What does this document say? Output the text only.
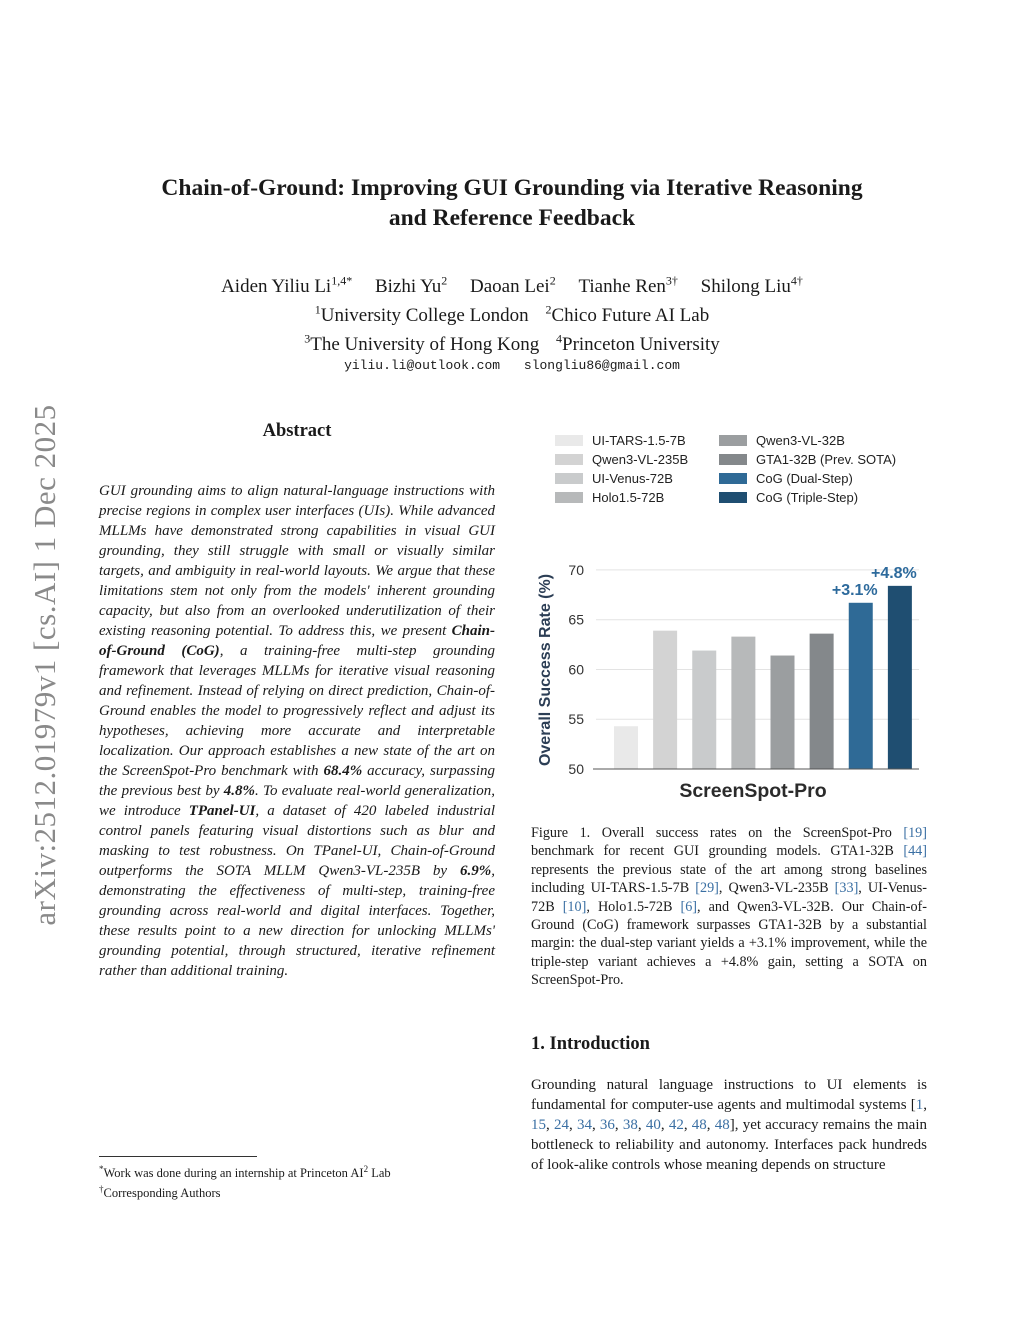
arXiv:2512.01979v1 [cs.AI] 1 Dec 2025
Chain-of-Ground: Improving GUI Grounding via Iterative Reasoning
and Reference Feedback
Aiden Yiliu $Li^{1,4*}$ Bizhi Yu$^2$ Daoan Lei$^2$ Tianhe Ren$^{3\dagger}$ Shilong Liu$^{4\dagger}$
$^1$University College London $^2$Chico Future AI Lab
$^3$The University of Hong Kong $^4$Princeton University
yiliu.li@outlook.com slongliu86@gmail.com
Abstract
GUI grounding aims to align natural-language instructions with precise regions in complex user interfaces (UIs). While advanced MLLMs have demonstrated strong capabilities in visual GUI grounding, they still struggle with small or visually similar targets, and ambiguity in real-world layouts. We argue that these limitations stem not only from the models' inherent grounding capacity, but also from an overlooked underutilization of their existing reasoning potential. To address this, we present Chain-of-Ground (CoG), a training-free multi-step grounding framework that leverages MLLMs for iterative visual reasoning and refinement. Instead of relying on direct prediction, Chain-of-Ground enables the model to progressively reflect and adjust its hypotheses, achieving more accurate and interpretable localization. Our approach establishes a new state of the art on the ScreenSpot-Pro benchmark with 68.4% accuracy, surpassing the previous best by 4.8%. To evaluate real-world generalization, we introduce TPanel-UI, a dataset of 420 labeled industrial control panels featuring visual distortions such as blur and masking to test robustness. On TPanel-UI, Chain-of-Ground outperforms the SOTA MLLM Qwen3-VL-235B by 6.9%, demonstrating the effectiveness of multi-step, training-free grounding across real-world and digital interfaces. Together, these results point to a new direction for unlocking MLLMs' grounding potential, through structured, iterative refinement rather than additional training.
*Work was done during an internship at Princeton $AI^2$ Lab
†Corresponding Authors
UI-TARS-1.5-7B
Qwen3-VL-235B
UI-Venus-72B
Holo1.5-72B
Qwen3-VL-32B
GTA1-32B (Prev. SOTA)
CoG (Dual-Step)
CoG (Triple-Step)
50
55
60
65
70
+3.1%
+4.8%
Overall Success Rate (%)
ScreenSpot-Pro
Figure 1. Overall success rates on the ScreenSpot-Pro [19] benchmark for recent GUI grounding models. GTA1-32B [44] represents the previous state of the art among strong baselines including UI-TARS-1.5-7B [29], Qwen3-VL-235B [33], UI-Venus-72B [10], Holo1.5-72B [6], and Qwen3-VL-32B. Our Chain-of-Ground (CoG) framework surpasses GTA1-32B by a substantial margin: the dual-step variant yields a +3.1% improvement, while the triple-step variant achieves a +4.8% gain, setting a SOTA on ScreenSpot-Pro.
1. Introduction
Grounding natural language instructions to UI elements is fundamental for computer-use agents and multimodal systems [1, 15, 24, 34, 36, 38, 40, 42, 48, 48], yet accuracy remains the main bottleneck to reliability and autonomy. Interfaces pack hundreds of look-alike controls whose meaning depends on structure
